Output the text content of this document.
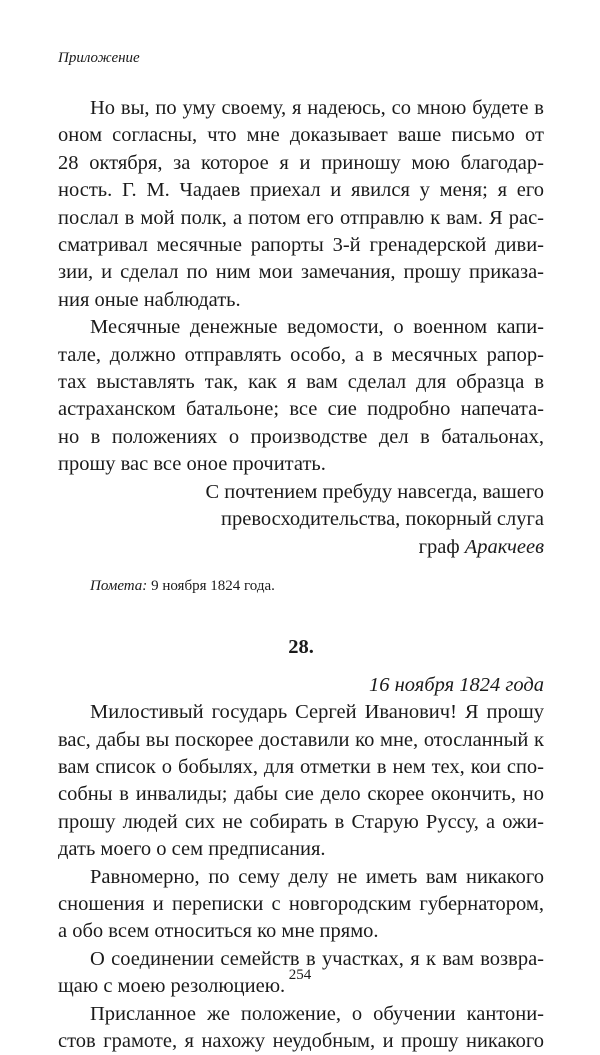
Приложение
Но вы, по уму своему, я надеюсь, со мною будете в
оном согласны, что мне доказывает ваше письмо от
28 октября, за которое я и приношу мою благодар-
ность. Г. М. Чадаев приехал и явился у меня; я его
послал в мой полк, а потом его отправлю к вам. Я рас-
сматривал месячные рапорты 3-й гренадерской диви-
зии, и сделал по ним мои замечания, прошу приказа-
ния оные наблюдать.
Месячные денежные ведомости, о военном капи-
тале, должно отправлять особо, а в месячных рапор-
тах выставлять так, как я вам сделал для образца в
астраханском батальоне; все сие подробно напечата-
но в положениях о производстве дел в батальонах,
прошу вас все оное прочитать.
С почтением пребуду навсегда, вашего
превосходительства, покорный слуга
граф Аракчеев
Помета: 9 ноября 1824 года.
28.
16 ноября 1824 года
Милостивый государь Сергей Иванович! Я прошу
вас, дабы вы поскорее доставили ко мне, отосланный к
вам список о бобылях, для отметки в нем тех, кои спо-
собны в инвалиды; дабы сие дело скорее окончить, но
прошу людей сих не собирать в Старую Руссу, а ожи-
дать моего о сем предписания.
Равномерно, по сему делу не иметь вам никакого
сношения и переписки с новгородским губернатором,
а обо всем относиться ко мне прямо.
О соединении семейств в участках, я к вам возвра-
щаю с моею резолюциею.
Присланное же положение, о обучении кантони-
стов грамоте, я нахожу неудобным, и прошу никакого
254
